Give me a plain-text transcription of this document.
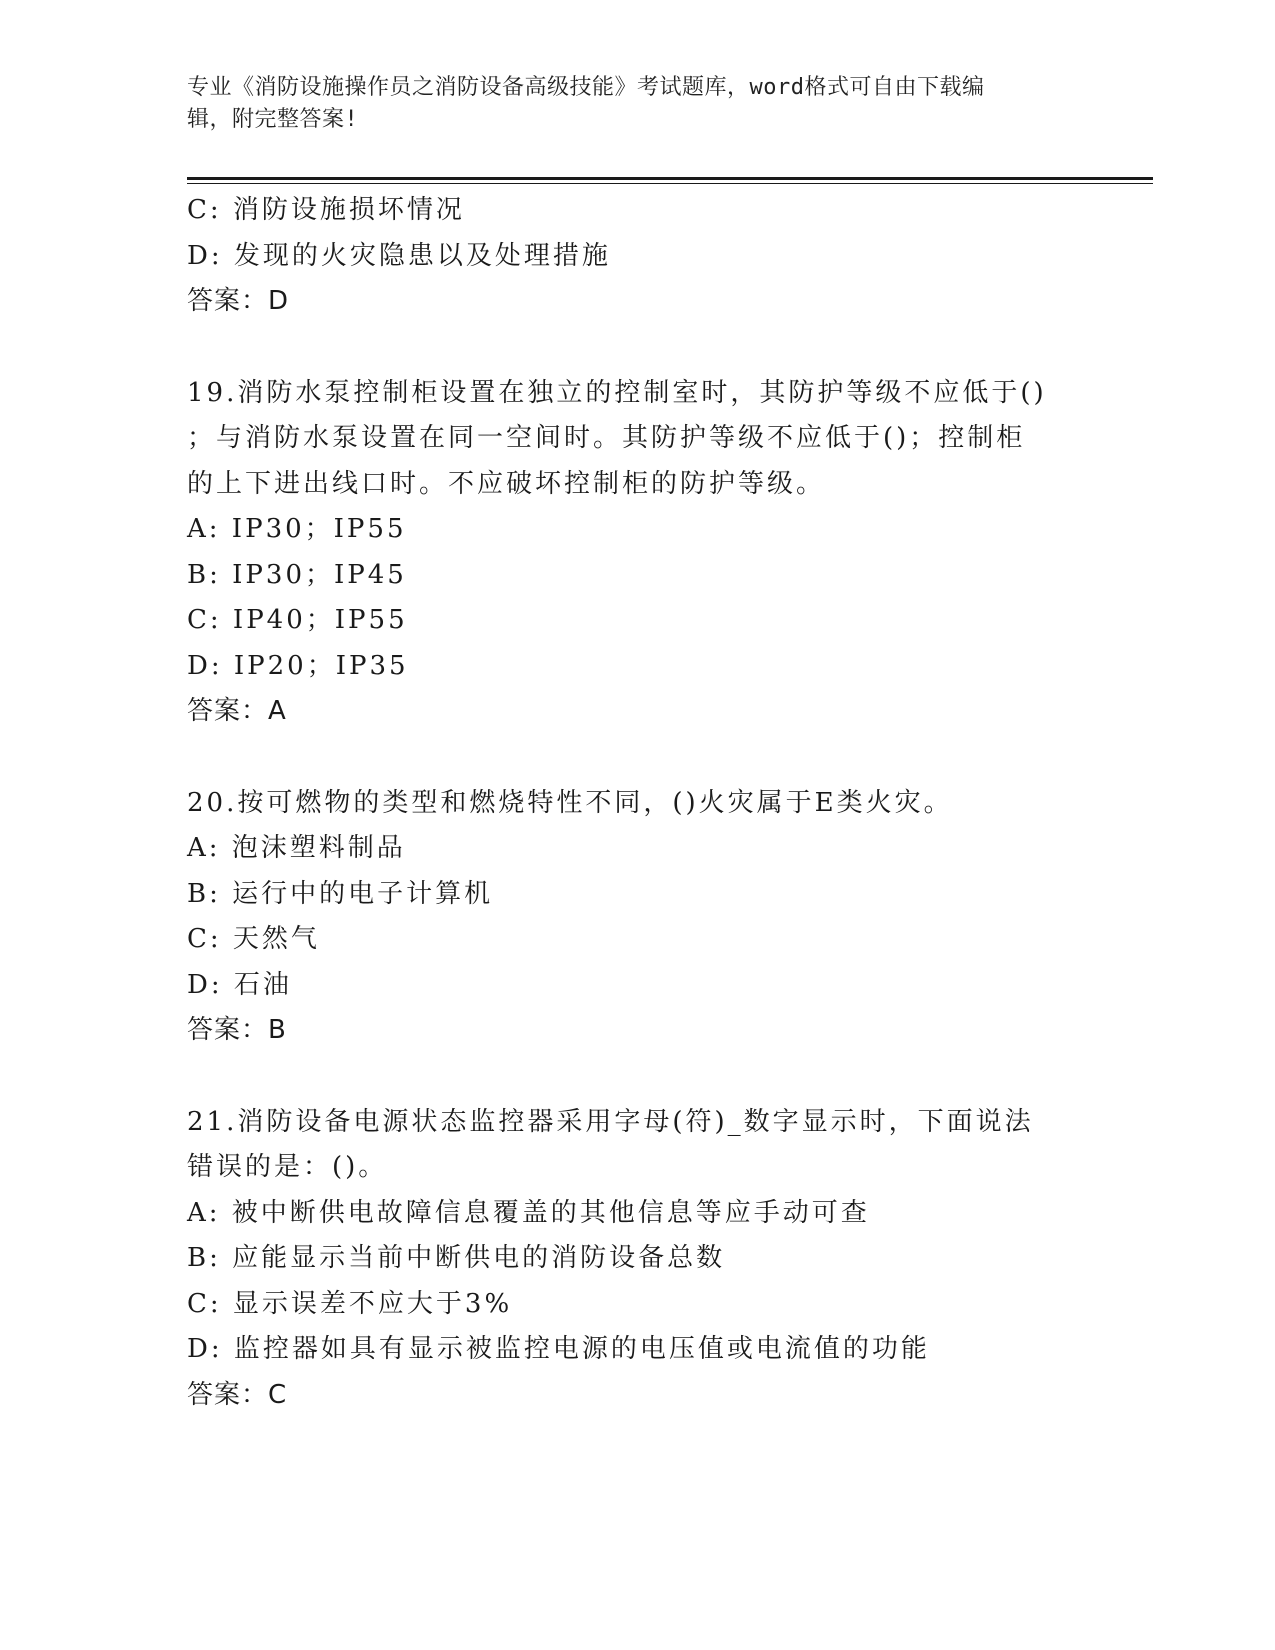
专业《消防设施操作员之消防设备高级技能》考试题库，word格式可自由下载编
辑，附完整答案!
C: 消防设施损坏情况
D: 发现的火灾隐患以及处理措施
答案：D
19.消防水泵控制柜设置在独立的控制室时，其防护等级不应低于()
；与消防水泵设置在同一空间时。其防护等级不应低于()；控制柜
的上下进出线口时。不应破坏控制柜的防护等级。
A: IP30；IP55
B: IP30；IP45
C: IP40；IP55
D: IP20；IP35
答案：A
20.按可燃物的类型和燃烧特性不同，()火灾属于E类火灾。
A: 泡沫塑料制品
B: 运行中的电子计算机
C: 天然气
D: 石油
答案：B
21.消防设备电源状态监控器采用字母(符)_数字显示时，下面说法
错误的是：()。
A: 被中断供电故障信息覆盖的其他信息等应手动可查
B: 应能显示当前中断供电的消防设备总数
C: 显示误差不应大于3%
D: 监控器如具有显示被监控电源的电压值或电流值的功能
答案：C
